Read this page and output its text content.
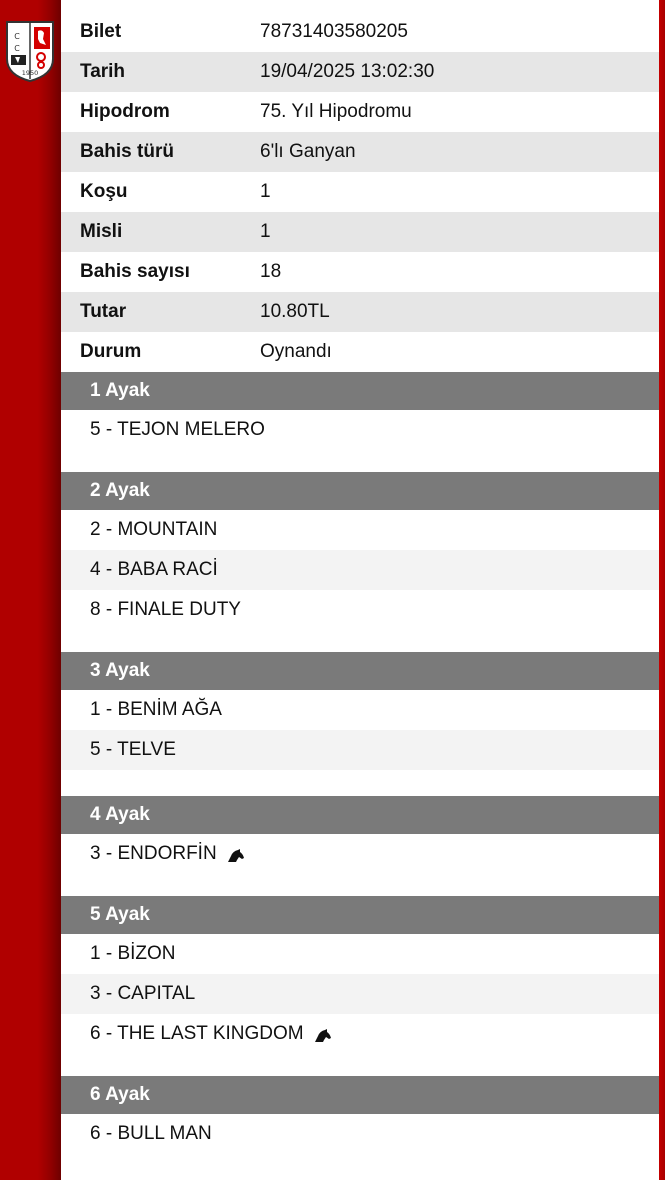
C
C
1950
Bilet	78731403580205
Tarih	19/04/2025 13:02:30
Hipodrom	75. Yıl Hipodromu
Bahis türü	6'lı Ganyan
Koşu	1
Misli	1
Bahis sayısı	18
Tutar	10.80TL
Durum	Oynandı
1 Ayak
5 - TEJON MELERO
2 Ayak
2 - MOUNTAIN
4 - BABA RACİ
8 - FINALE DUTY
3 Ayak
1 - BENİM AĞA
5 - TELVE
4 Ayak
3 - ENDORFİN
5 Ayak
1 - BİZON
3 - CAPITAL
6 - THE LAST KINGDOM
6 Ayak
6 - BULL MAN
